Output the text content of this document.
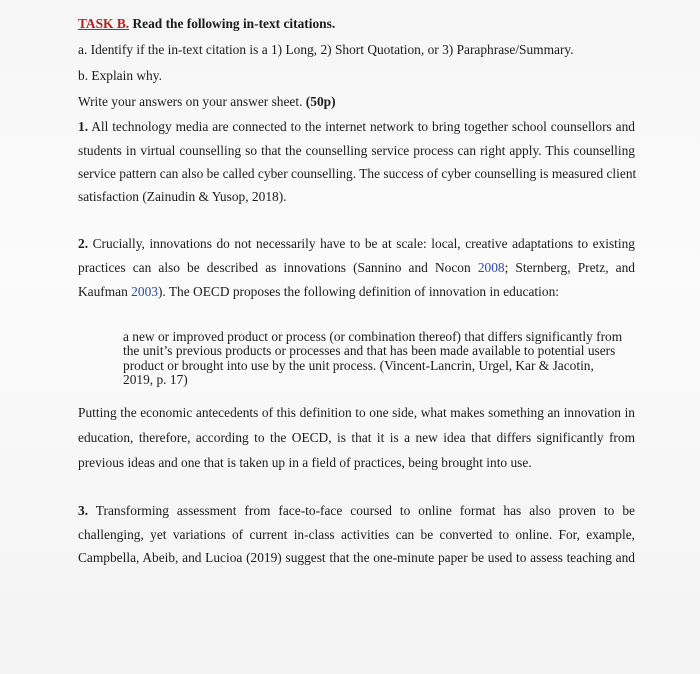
TASK B. Read the following in-text citations.
a. Identify if the in-text citation is a 1) Long, 2) Short Quotation, or 3) Paraphrase/Summary.
b. Explain why.
Write your answers on your answer sheet. (50p)
1. All technology media are connected to the internet network to bring together school counsellors and
students in virtual counselling so that the counselling service process can right apply. This counselling
service pattern can also be called cyber counselling. The success of cyber counselling is measured client
satisfaction (Zainudin & Yusop, 2018).
2. Crucially, innovations do not necessarily have to be at scale: local, creative adaptations to existing
practices can also be described as innovations (Sannino and Nocon 2008; Sternberg, Pretz, and
Kaufman 2003). The OECD proposes the following definition of innovation in education:
a new or improved product or process (or combination thereof) that differs significantly from
the unit’s previous products or processes and that has been made available to potential users
product or brought into use by the unit process. (Vincent-Lancrin, Urgel, Kar & Jacotin,
2019, p. 17)
Putting the economic antecedents of this definition to one side, what makes something an innovation in
education, therefore, according to the OECD, is that it is a new idea that differs significantly from
previous ideas and one that is taken up in a field of practices, being brought into use.
3. Transforming assessment from face-to-face coursed to online format has also proven to be
challenging, yet variations of current in-class activities can be converted to online. For, example,
Campbella, Abeib, and Lucioa (2019) suggest that the one-minute paper be used to assess teaching and
